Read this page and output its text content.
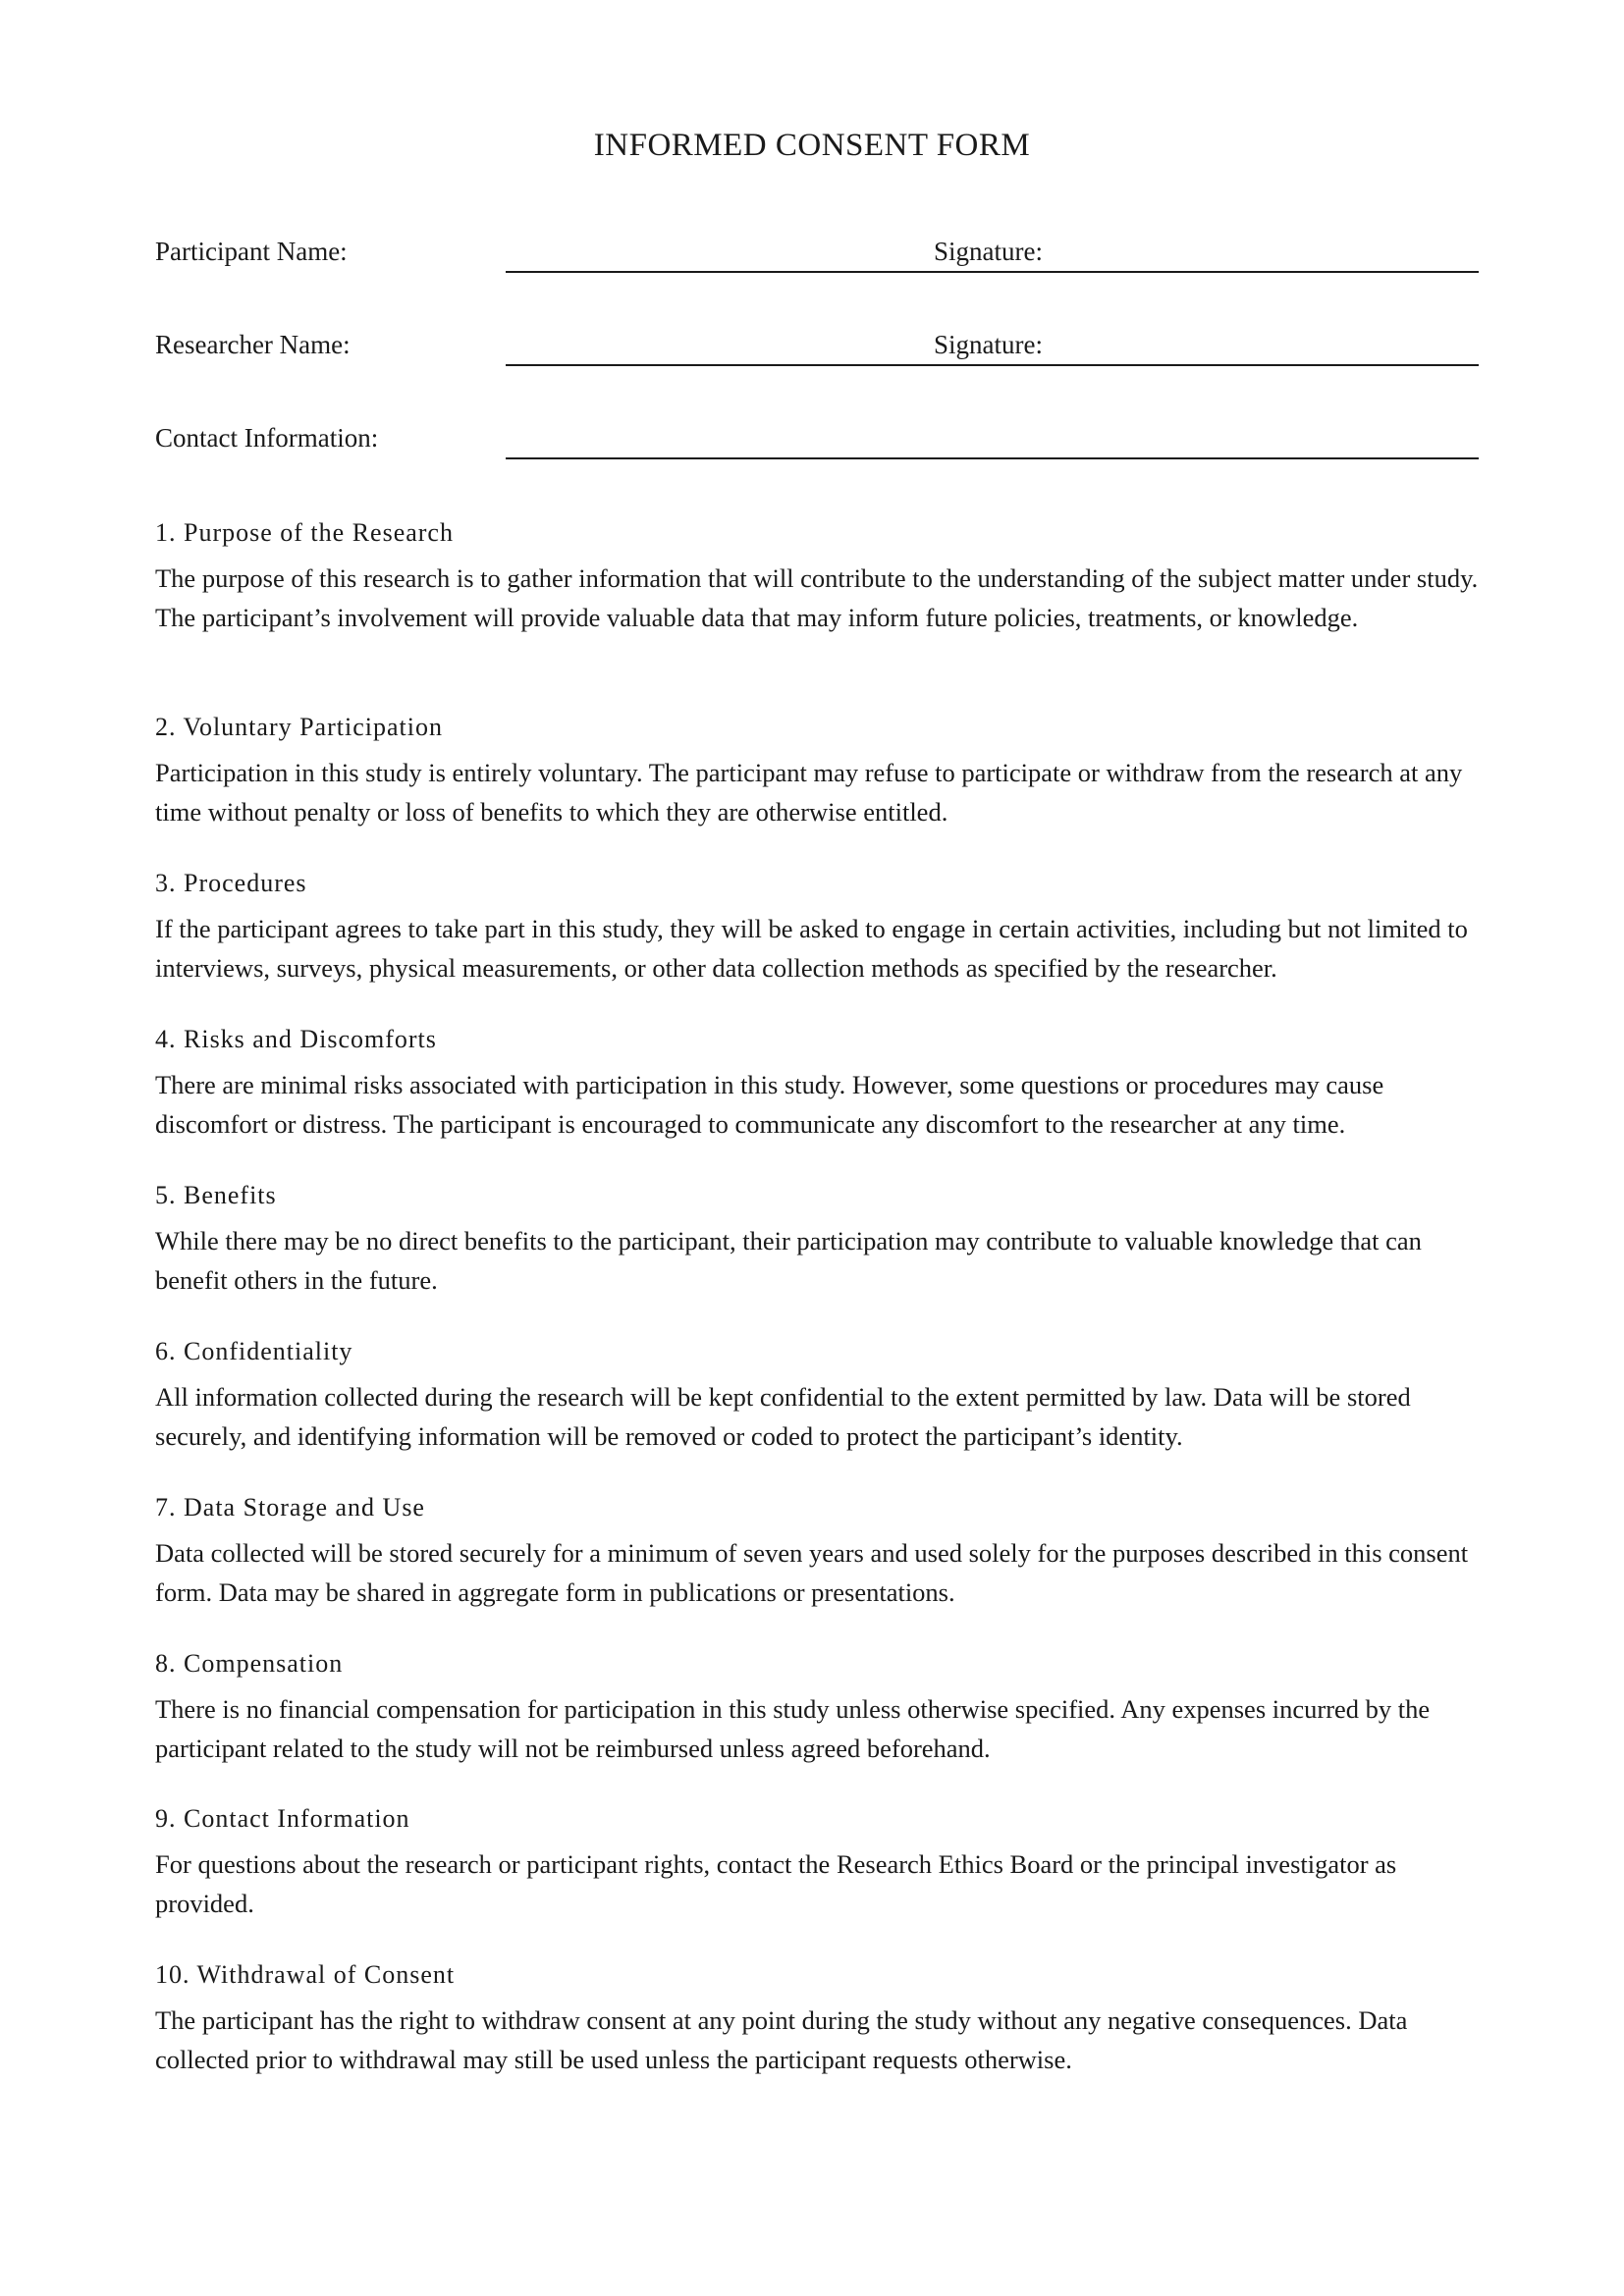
INFORMED CONSENT FORM
Participant Name:	Signature:
Researcher Name:	Signature:
Contact Information:
1. Purpose of the Research

The purpose of this research is to gather information that will contribute to the understanding of the subject matter under study. The participant’s involvement will provide valuable data that may inform future policies, treatments, or knowledge.

2. Voluntary Participation

Participation in this study is entirely voluntary. The participant may refuse to participate or withdraw from the research at any time without penalty or loss of benefits to which they are otherwise entitled.

3. Procedures

If the participant agrees to take part in this study, they will be asked to engage in certain activities, including but not limited to interviews, surveys, physical measurements, or other data collection methods as specified by the researcher.

4. Risks and Discomforts

There are minimal risks associated with participation in this study. However, some questions or procedures may cause discomfort or distress. The participant is encouraged to communicate any discomfort to the researcher at any time.

5. Benefits

While there may be no direct benefits to the participant, their participation may contribute to valuable knowledge that can benefit others in the future.

6. Confidentiality

All information collected during the research will be kept confidential to the extent permitted by law. Data will be stored securely, and identifying information will be removed or coded to protect the participant’s identity.

7. Data Storage and Use

Data collected will be stored securely for a minimum of seven years and used solely for the purposes described in this consent form. Data may be shared in aggregate form in publications or presentations.

8. Compensation

There is no financial compensation for participation in this study unless otherwise specified. Any expenses incurred by the participant related to the study will not be reimbursed unless agreed beforehand.

9. Contact Information

For questions about the research or participant rights, contact the Research Ethics Board or the principal investigator as provided.

10. Withdrawal of Consent

The participant has the right to withdraw consent at any point during the study without any negative consequences. Data collected prior to withdrawal may still be used unless the participant requests otherwise.
